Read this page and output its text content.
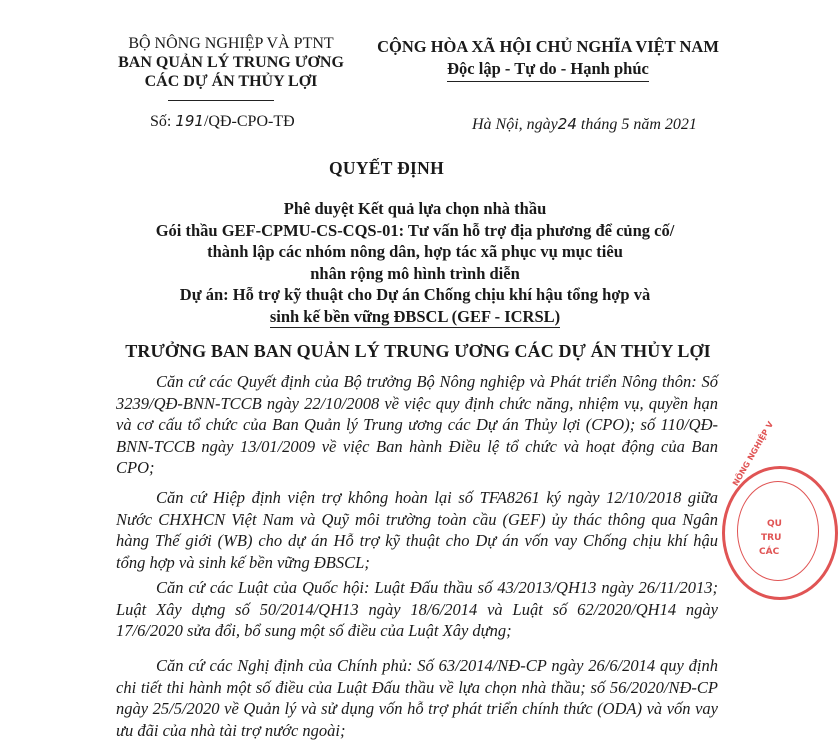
BỘ NÔNG NGHIỆP VÀ PTNT
BAN QUẢN LÝ TRUNG ƯƠNG
CÁC DỰ ÁN THỦY LỢI
CỘNG HÒA XÃ HỘI CHỦ NGHĨA VIỆT NAM
Độc lập - Tự do - Hạnh phúc
Số: 191/QĐ-CPO-TĐ	Hà Nội, ngày24 tháng 5 năm 2021
QUYẾT ĐỊNH
Phê duyệt Kết quả lựa chọn nhà thầu
Gói thầu GEF-CPMU-CS-CQS-01: Tư vấn hỗ trợ địa phương để củng cố/
thành lập các nhóm nông dân, hợp tác xã phục vụ mục tiêu
nhân rộng mô hình trình diễn
Dự án: Hỗ trợ kỹ thuật cho Dự án Chống chịu khí hậu tổng hợp và
sinh kế bền vững ĐBSCL (GEF - ICRSL)
TRƯỞNG BAN BAN QUẢN LÝ TRUNG ƯƠNG CÁC DỰ ÁN THỦY LỢI
Căn cứ các Quyết định của Bộ trưởng Bộ Nông nghiệp và Phát triển Nông thôn: Số 3239/QĐ-BNN-TCCB ngày 22/10/2008 về việc quy định chức năng, nhiệm vụ, quyền hạn và cơ cấu tổ chức của Ban Quản lý Trung ương các Dự án Thủy lợi (CPO); số 110/QĐ-BNN-TCCB ngày 13/01/2009 về việc Ban hành Điều lệ tổ chức và hoạt động của Ban CPO;
Căn cứ Hiệp định viện trợ không hoàn lại số TFA8261 ký ngày 12/10/2018 giữa Nước CHXHCN Việt Nam và Quỹ môi trường toàn cầu (GEF) ủy thác thông qua Ngân hàng Thế giới (WB) cho dự án Hỗ trợ kỹ thuật cho Dự án vốn vay Chống chịu khí hậu tổng hợp và sinh kế bền vững ĐBSCL;
Căn cứ các Luật của Quốc hội: Luật Đấu thầu số 43/2013/QH13 ngày 26/11/2013; Luật Xây dựng số 50/2014/QH13 ngày 18/6/2014 và Luật số 62/2020/QH14 ngày 17/6/2020 sửa đổi, bổ sung một số điều của Luật Xây dựng;
Căn cứ các Nghị định của Chính phủ: Số 63/2014/NĐ-CP ngày 26/6/2014 quy định chi tiết thi hành một số điều của Luật Đấu thầu về lựa chọn nhà thầu; số 56/2020/NĐ-CP ngày 25/5/2020 về Quản lý và sử dụng vốn hỗ trợ phát triển chính thức (ODA) và vốn vay ưu đãi của nhà tài trợ nước ngoài;
NÔNG NGHIỆP V
QU
TRU
CÁC
